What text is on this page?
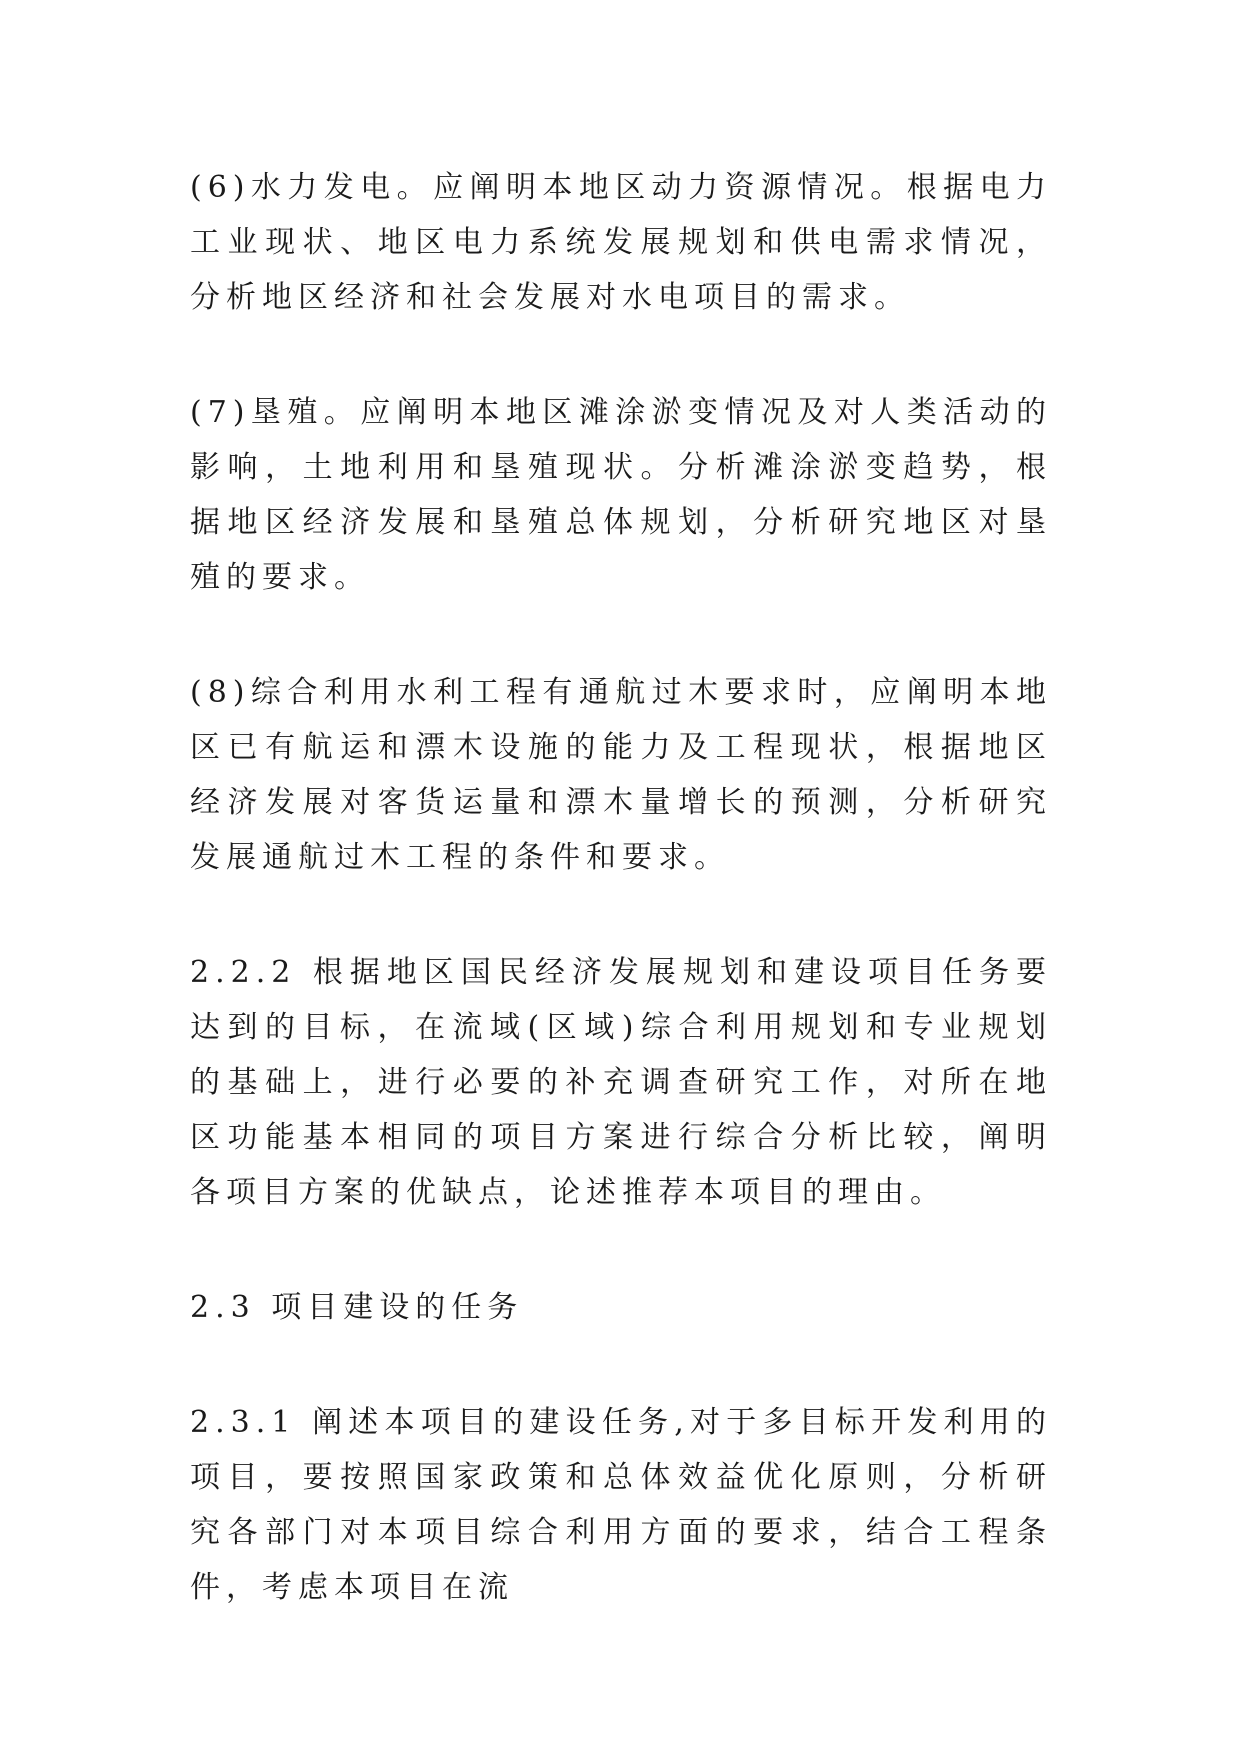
(6)水力发电。应阐明本地区动力资源情况。根据电力工业现状、地区电力系统发展规划和供电需求情况，分析地区经济和社会发展对水电项目的需求。

(7)垦殖。应阐明本地区滩涂淤变情况及对人类活动的影响，土地利用和垦殖现状。分析滩涂淤变趋势，根据地区经济发展和垦殖总体规划，分析研究地区对垦殖的要求。

(8)综合利用水利工程有通航过木要求时，应阐明本地区已有航运和漂木设施的能力及工程现状，根据地区经济发展对客货运量和漂木量增长的预测，分析研究发展通航过木工程的条件和要求。

2.2.2 根据地区国民经济发展规划和建设项目任务要达到的目标，在流域(区域)综合利用规划和专业规划的基础上，进行必要的补充调查研究工作，对所在地区功能基本相同的项目方案进行综合分析比较，阐明各项目方案的优缺点，论述推荐本项目的理由。

2.3 项目建设的任务

2.3.1 阐述本项目的建设任务,对于多目标开发利用的项目，要按照国家政策和总体效益优化原则，分析研究各部门对本项目综合利用方面的要求，结合工程条件，考虑本项目在流
